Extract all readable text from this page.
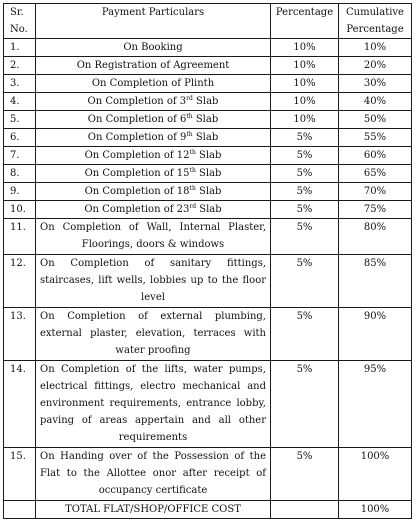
Sr. No.	Payment Particulars	Percentage	Cumulative Percentage
1.	On Booking	10%	10%
2.	On Registration of Agreement	10%	20%
3.	On Completion of Plinth	10%	30%
4.	On Completion of 3rd Slab	10%	40%
5.	On Completion of 6th Slab	10%	50%
6.	On Completion of 9th Slab	5%	55%
7.	On Completion of 12th Slab	5%	60%
8.	On Completion of 15th Slab	5%	65%
9.	On Completion of 18th Slab	5%	70%
10.	On Completion of 23rd Slab	5%	75%
11.	On Completion of Wall, Internal Plaster, Floorings, doors & windows	5%	80%
12.	On Completion of sanitary fittings, staircases, lift wells, lobbies up to the floor level	5%	85%
13.	On Completion of external plumbing, external plaster, elevation, terraces with water proofing	5%	90%
14.	On Completion of the lifts, water pumps, electrical fittings, electro mechanical and environment requirements, entrance lobby, paving of areas appertain and all other requirements	5%	95%
15.	On Handing over of the Possession of the Flat to the Allottee onor after receipt of occupancy certificate	5%	100%
	TOTAL FLAT/SHOP/OFFICE COST		100%
